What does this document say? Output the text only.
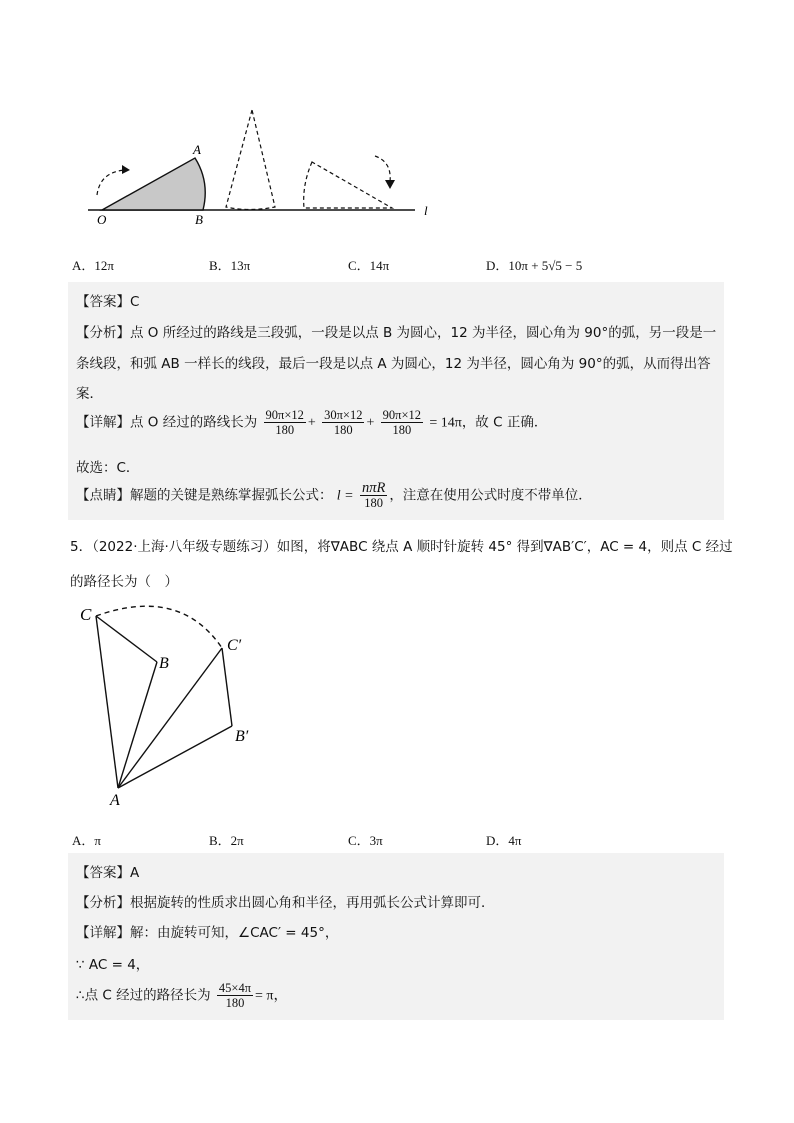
A
O	B
l
A．12π	B．13π	C．14π	D．10π + 5√5 − 5
【答案】C
【分析】点 O 所经过的路线是三段弧，一段是以点 B 为圆心，12 为半径，圆心角为 90°的弧，另一段是一
条线段，和弧 AB 一样长的线段，最后一段是以点 A 为圆心，12 为半径，圆心角为 90°的弧，从而得出答
案．
【详解】点 O 经过的路线长为 $\frac{90\pi\times 12}{180} + \frac{30\pi\times 12}{180} + \frac{90\pi\times 12}{180} = 14\pi$，故 C 正确．
故选：C．
【点睛】解题的关键是熟练掌握弧长公式： $l = \frac{\text{nπR}}{180}$ ，注意在使用公式时度不带单位．
5．（2022·上海·八年级专题练习）如图，将∇ABC 绕点 A 顺时针旋转 45° 得到∇AB′C′，AC = 4，则点 C 经过
的路径长为（　）
C
B
C′
B′
A
A．π	B．2π	C．3π	D．4π
【答案】A
【分析】根据旋转的性质求出圆心角和半径，再用弧长公式计算即可．
【详解】解：由旋转可知，∠CAC′ = 45°，
∵ AC = 4，
∴点 C 经过的路径长为 $\frac{45\times 4\pi}{180} = \pi$，
